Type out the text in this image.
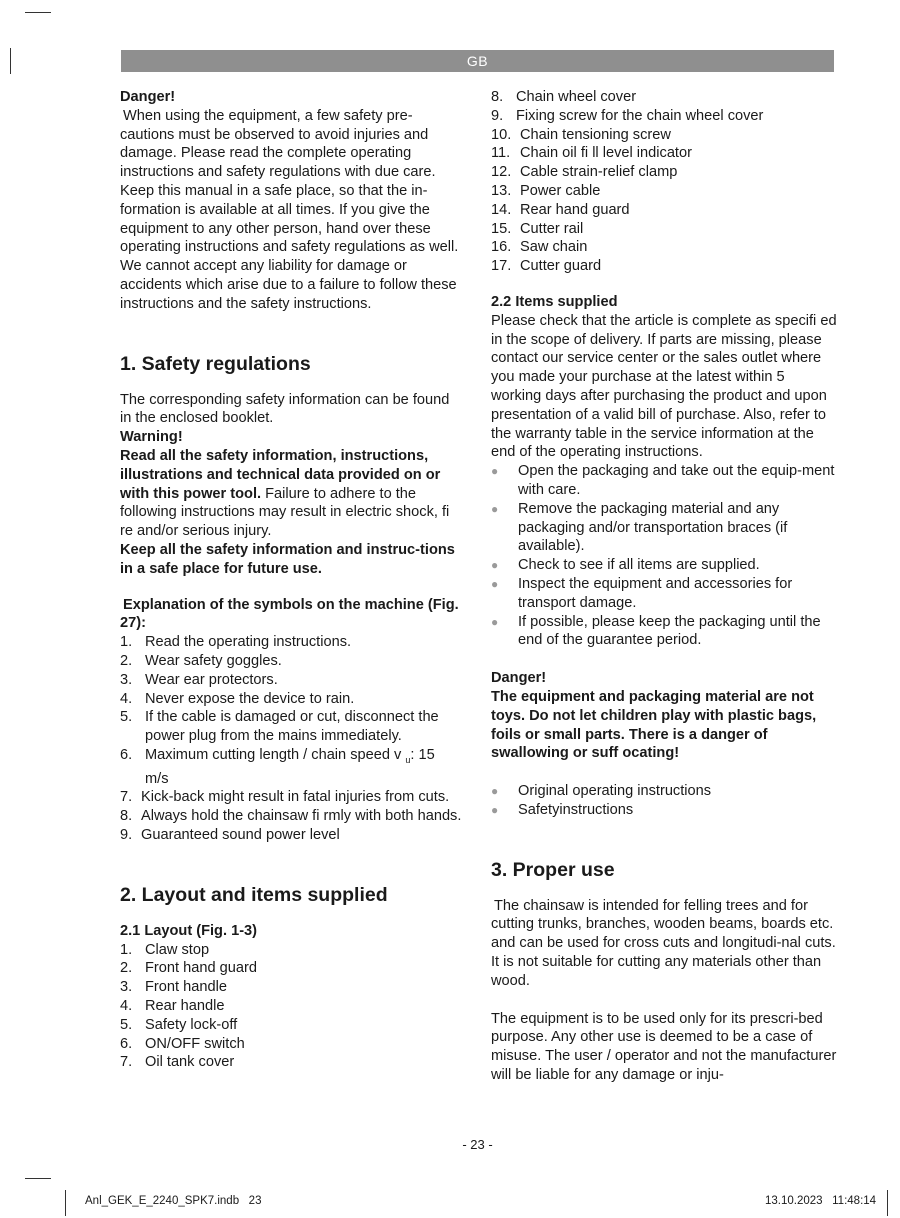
GB

Danger!

When using the equipment, a few safety pre-cautions must be observed to avoid injuries and damage. Please read the complete operating instructions and safety regulations with due care. Keep this manual in a safe place, so that the in-formation is available at all times. If you give the equipment to any other person, hand over these operating instructions and safety regulations as well. We cannot accept any liability for damage or accidents which arise due to a failure to follow these instructions and the safety instructions.

1. Safety regulations

The corresponding safety information can be found in the enclosed booklet.

Warning!

Read all the safety information, instructions, illustrations and technical data provided on or with this power tool. Failure to adhere to the following instructions may result in electric shock, fi re and/or serious injury.

Keep all the safety information and instruc-tions in a safe place for future use.

Explanation of the symbols on the machine (Fig. 27):

1. Read the operating instructions.
2. Wear safety goggles.
3. Wear ear protectors.
4. Never expose the device to rain.
5. If the cable is damaged or cut, disconnect the power plug from the mains immediately.
6. Maximum cutting length / chain speed v $_u$: 15 m/s
7. Kick-back might result in fatal injuries from cuts.
8. Always hold the chainsaw fi rmly with both hands.
9. Guaranteed sound power level

2. Layout and items supplied

2.1 Layout (Fig. 1-3)

1. Claw stop
2. Front hand guard
3. Front handle
4. Rear handle
5. Safety lock-off
6. ON/OFF switch
7. Oil tank cover
8. Chain wheel cover
9. Fixing screw for the chain wheel cover
10. Chain tensioning screw
11. Chain oil fi ll level indicator
12. Cable strain-relief clamp
13. Power cable
14. Rear hand guard
15. Cutter rail
16. Saw chain
17. Cutter guard

2.2 Items supplied

Please check that the article is complete as specifi ed in the scope of delivery. If parts are missing, please contact our service center or the sales outlet where you made your purchase at the latest within 5 working days after purchasing the product and upon presentation of a valid bill of purchase. Also, refer to the warranty table in the service information at the end of the operating instructions.

●	Open the packaging and take out the equip-ment with care.
●	Remove the packaging material and any packaging and/or transportation braces (if available).
●	Check to see if all items are supplied.
●	Inspect the equipment and accessories for transport damage.
●	If possible, please keep the packaging until the end of the guarantee period.

Danger!

The equipment and packaging material are not toys. Do not let children play with plastic bags, foils or small parts. There is a danger of swallowing or suff ocating!

●	Original operating instructions
●	Safetyinstructions

3. Proper use

The chainsaw is intended for felling trees and for cutting trunks, branches, wooden beams, boards etc. and can be used for cross cuts and longitudi-nal cuts. It is not suitable for cutting any materials other than wood.

The equipment is to be used only for its prescri-bed purpose. Any other use is deemed to be a case of misuse. The user / operator and not the manufacturer will be liable for any damage or inju-

- 23 -
Anl_GEK_E_2240_SPK7.indb   23	13.10.2023   11:48:14
